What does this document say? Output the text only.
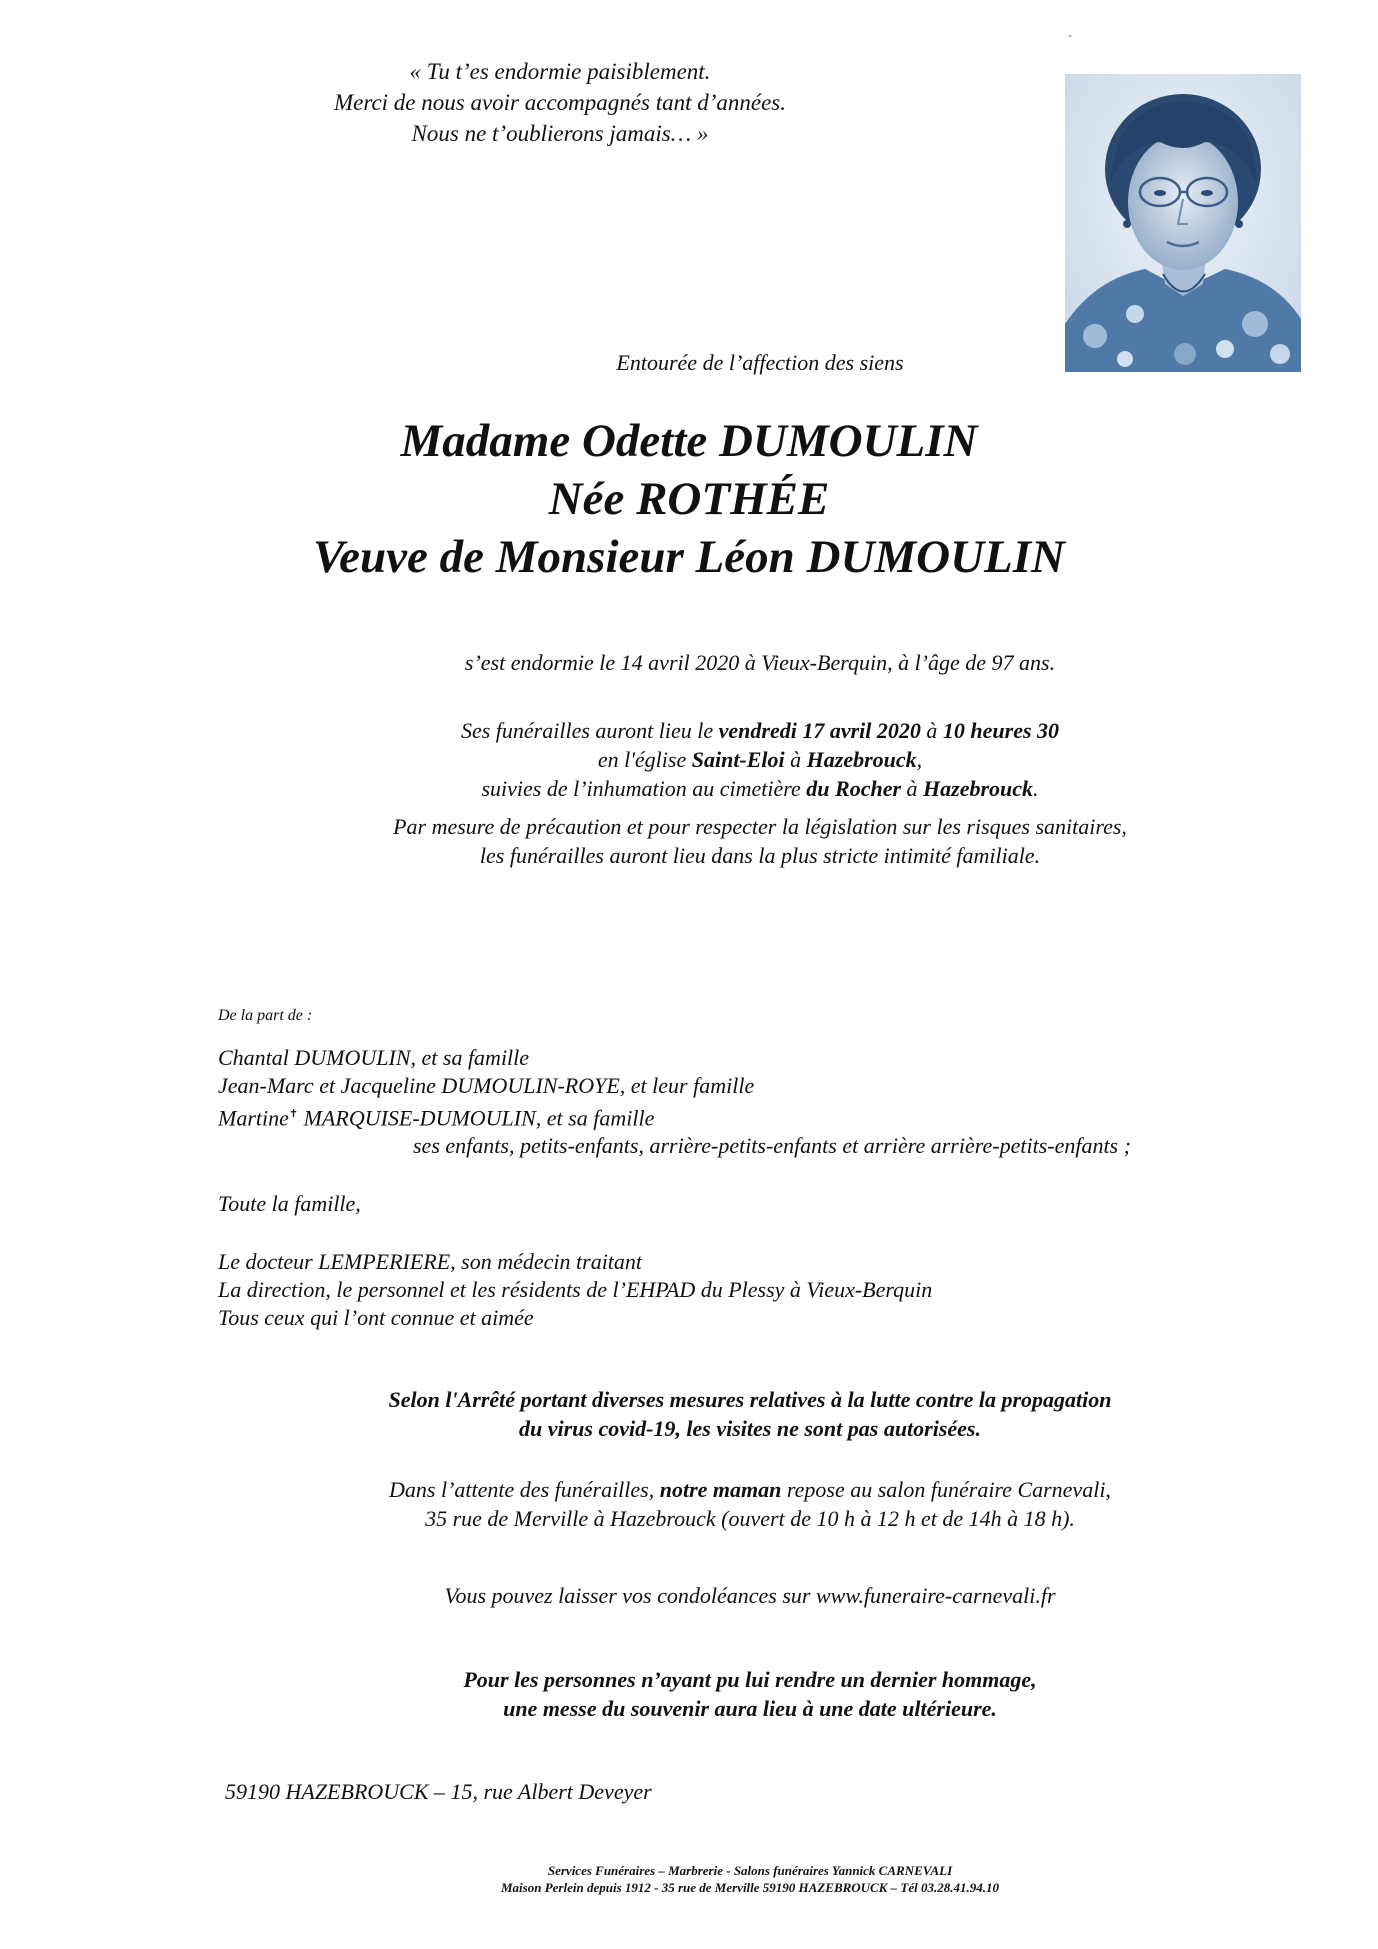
-
« Tu t’es endormie paisiblement.
Merci de nous avoir accompagnés tant d’années.
Nous ne t’oublierons jamais… »
Entourée de l’affection des siens
Madame Odette DUMOULIN
Née ROTHÉE
Veuve de Monsieur Léon DUMOULIN
s’est endormie le 14 avril 2020 à Vieux-Berquin, à l’âge de 97 ans.
Ses funérailles auront lieu le vendredi 17 avril 2020 à 10 heures 30
en l'église Saint-Eloi à Hazebrouck,
suivies de l’inhumation au cimetière du Rocher à Hazebrouck.
Par mesure de précaution et pour respecter la législation sur les risques sanitaires,
les funérailles auront lieu dans la plus stricte intimité familiale.
De la part de :
Chantal DUMOULIN, et sa famille
Jean-Marc et Jacqueline DUMOULIN-ROYE, et leur famille
Martine✝ MARQUISE-DUMOULIN, et sa famille
ses enfants, petits-enfants, arrière-petits-enfants et arrière arrière-petits-enfants ;
Toute la famille,
Le docteur LEMPERIERE, son médecin traitant
La direction, le personnel et les résidents de l’EHPAD du Plessy à Vieux-Berquin
Tous ceux qui l’ont connue et aimée
Selon l'Arrêté portant diverses mesures relatives à la lutte contre la propagation
du virus covid-19, les visites ne sont pas autorisées.
Dans l’attente des funérailles, notre maman repose au salon funéraire Carnevali,
35 rue de Merville à Hazebrouck (ouvert de 10 h à 12 h et de 14h à 18 h).
Vous pouvez laisser vos condoléances sur www.funeraire-carnevali.fr
Pour les personnes n’ayant pu lui rendre un dernier hommage,
une messe du souvenir aura lieu à une date ultérieure.
59190 HAZEBROUCK – 15, rue Albert Deveyer
Services Funéraires – Marbrerie - Salons funéraires Yannick CARNEVALI
Maison Perlein depuis 1912 - 35 rue de Merville 59190 HAZEBROUCK – Tél 03.28.41.94.10
